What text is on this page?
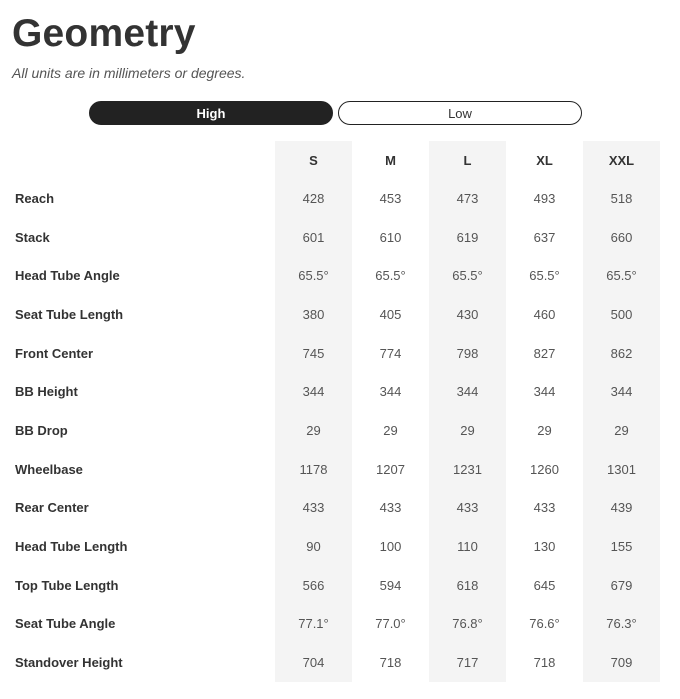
Geometry

All units are in millimeters or degrees.

High	Low
	S	M	L	XL	XXL	
Reach	428	453	473	493	518	
Stack	601	610	619	637	660	
Head Tube Angle	65.5°	65.5°	65.5°	65.5°	65.5°	
Seat Tube Length	380	405	430	460	500	
Front Center	745	774	798	827	862	
BB Height	344	344	344	344	344	
BB Drop	29	29	29	29	29	
Wheelbase	1178	1207	1231	1260	1301	
Rear Center	433	433	433	433	439	
Head Tube Length	90	100	110	130	155	
Top Tube Length	566	594	618	645	679	
Seat Tube Angle	77.1°	77.0°	76.8°	76.6°	76.3°	
Standover Height	704	718	717	718	709	
